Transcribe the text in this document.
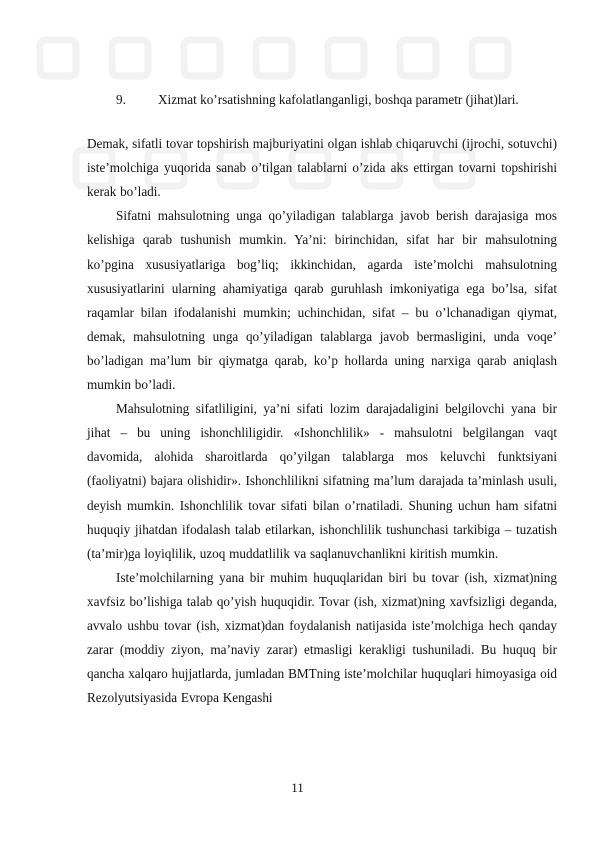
9. Xizmat ko’rsatishning kafolatlanganligi, boshqa parametr (jihat)lari.

Demak, sifatli tovar topshirish majburiyatini olgan ishlab chiqaruvchi (ijrochi, sotuvchi) iste’molchiga yuqorida sanab o’tilgan talablarni o’zida aks ettirgan tovarni topshirishi kerak bo’ladi.

Sifatni mahsulotning unga qo’yiladigan talablarga javob berish darajasiga mos kelishiga qarab tushunish mumkin. Ya’ni: birinchidan, sifat har bir mahsulotning ko’pgina xususiyatlariga bog’liq; ikkinchidan, agarda iste’molchi mahsulotning xususiyatlarini ularning ahamiyatiga qarab guruhlash imkoniyatiga ega bo’lsa, sifat raqamlar bilan ifodalanishi mumkin; uchinchidan, sifat – bu o’lchanadigan qiymat, demak, mahsulotning unga qo’yiladigan talablarga javob bermasligini, unda voqe’ bo’ladigan ma’lum bir qiymatga qarab, ko’p hollarda uning narxiga qarab aniqlash mumkin bo’ladi.

Mahsulotning sifatliligini, ya’ni sifati lozim darajadaligini belgilovchi yana bir jihat – bu uning ishonchliligidir. «Ishonchlilik» - mahsulotni belgilangan vaqt davomida, alohida sharoitlarda qo’yilgan talablarga mos keluvchi funktsiyani (faoliyatni) bajara olishidir». Ishonchlilikni sifatning ma’lum darajada ta’minlash usuli, deyish mumkin. Ishonchlilik tovar sifati bilan o’rnatiladi. Shuning uchun ham sifatni huquqiy jihatdan ifodalash talab etilarkan, ishonchlilik tushunchasi tarkibiga – tuzatish (ta’mir)ga loyiqlilik, uzoq muddatlilik va saqlanuvchanlikni kiritish mumkin.

Iste’molchilarning yana bir muhim huquqlaridan biri bu tovar (ish, xizmat)ning xavfsiz bo’lishiga talab qo’yish huquqidir. Tovar (ish, xizmat)ning xavfsizligi deganda, avvalo ushbu tovar (ish, xizmat)dan foydalanish natijasida iste’molchiga hech qanday zarar (moddiy ziyon, ma’naviy zarar) etmasligi kerakligi tushuniladi. Bu huquq bir qancha xalqaro hujjatlarda, jumladan BMTning iste’molchilar huquqlari himoyasiga oid Rezolyutsiyasida Evropa Kengashi

11
